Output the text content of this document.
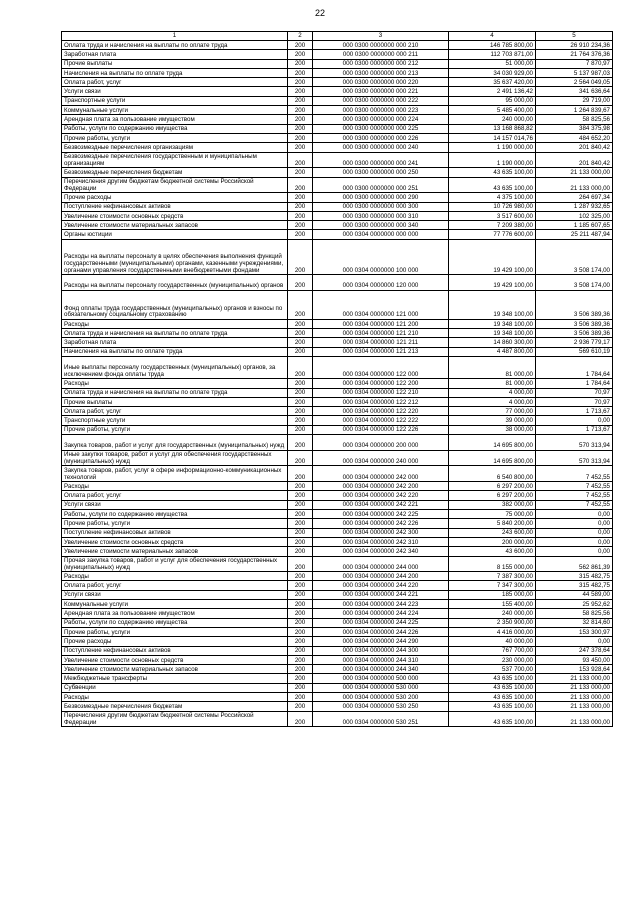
22
1	2	3	4	5
Оплата труда и начисления на выплаты по оплате труда	200	000 0300 0000000 000 210	146 785 800,00	26 910 234,36
Заработная плата	200	000 0300 0000000 000 211	112 703 871,00	21 764 376,36
Прочие выплаты	200	000 0300 0000000 000 212	51 000,00	7 870,97
Начисления на выплаты по оплате труда	200	000 0300 0000000 000 213	34 030 929,00	5 137 987,03
Оплата работ, услуг	200	000 0300 0000000 000 220	35 637 420,00	2 564 049,05
Услуги связи	200	000 0300 0000000 000 221	2 491 136,42	341 636,64
Транспортные услуги	200	000 0300 0000000 000 222	95 000,00	29 719,00
Коммунальные услуги	200	000 0300 0000000 000 223	5 485 400,00	1 264 839,67
Арендная плата за пользование имуществом	200	000 0300 0000000 000 224	240 000,00	58 825,56
Работы, услуги по содержанию имущества	200	000 0300 0000000 000 225	13 168 868,82	384 375,98
Прочие работы, услуги	200	000 0300 0000000 000 226	14 157 014,76	484 652,20
Безвозмездные перечисления организациям	200	000 0300 0000000 000 240	1 190 000,00	201 840,42
Безвозмездные перечисления государственным и муниципальным организациям	200	000 0300 0000000 000 241	1 190 000,00	201 840,42
Безвозмездные перечисления бюджетам	200	000 0300 0000000 000 250	43 635 100,00	21 133 000,00
Перечисления другим бюджетам бюджетной системы Российской Федерации	200	000 0300 0000000 000 251	43 635 100,00	21 133 000,00
Прочие расходы	200	000 0300 0000000 000 290	4 375 100,00	264 697,34
Поступление нефинансовых активов	200	000 0300 0000000 000 300	10 726 980,00	1 287 932,65
Увеличение стоимости основных средств	200	000 0300 0000000 000 310	3 517 600,00	102 325,00
Увеличение стоимости материальных запасов	200	000 0300 0000000 000 340	7 209 380,00	1 185 607,65
Органы юстиции	200	000 0304 0000000 000 000	77 776 600,00	25 211 487,94
Расходы на выплаты персоналу в целях обеспечения выполнения функций государственными (муниципальными) органами, казенными учреждениями, органами управления государственными внебюджетными фондами	200	000 0304 0000000 100 000	19 429 100,00	3 508 174,00
Расходы на выплаты персоналу государственных (муниципальных) органов	200	000 0304 0000000 120 000	19 429 100,00	3 508 174,00
Фонд оплаты труда государственных (муниципальных) органов и взносы по обязательному социальному страхованию	200	000 0304 0000000 121 000	19 348 100,00	3 506 389,36
Расходы	200	000 0304 0000000 121 200	19 348 100,00	3 506 389,36
Оплата труда и начисления на выплаты по оплате труда	200	000 0304 0000000 121 210	19 348 100,00	3 506 389,36
Заработная плата	200	000 0304 0000000 121 211	14 860 300,00	2 936 779,17
Начисления на выплаты по оплате труда	200	000 0304 0000000 121 213	4 487 800,00	569 610,19
Иные выплаты персоналу государственных (муниципальных) органов, за исключением фонда оплаты труда	200	000 0304 0000000 122 000	81 000,00	1 784,64
Расходы	200	000 0304 0000000 122 200	81 000,00	1 784,64
Оплата труда и начисления на выплаты по оплате труда	200	000 0304 0000000 122 210	4 000,00	70,97
Прочие выплаты	200	000 0304 0000000 122 212	4 000,00	70,97
Оплата работ, услуг	200	000 0304 0000000 122 220	77 000,00	1 713,67
Транспортные услуги	200	000 0304 0000000 122 222	39 000,00	0,00
Прочие работы, услуги	200	000 0304 0000000 122 226	38 000,00	1 713,67
Закупка товаров, работ и услуг для государственных (муниципальных) нужд	200	000 0304 0000000 200 000	14 695 800,00	570 313,94
Иные закупки товаров, работ и услуг для обеспечения государственных (муниципальных) нужд	200	000 0304 0000000 240 000	14 695 800,00	570 313,94
Закупка товаров, работ, услуг в сфере информационно-коммуникационных технологий	200	000 0304 0000000 242 000	6 540 800,00	7 452,55
Расходы	200	000 0304 0000000 242 200	6 297 200,00	7 452,55
Оплата работ, услуг	200	000 0304 0000000 242 220	6 297 200,00	7 452,55
Услуги связи	200	000 0304 0000000 242 221	382 000,00	7 452,55
Работы, услуги по содержанию имущества	200	000 0304 0000000 242 225	75 000,00	0,00
Прочие работы, услуги	200	000 0304 0000000 242 226	5 840 200,00	0,00
Поступление нефинансовых активов	200	000 0304 0000000 242 300	243 600,00	0,00
Увеличение стоимости основных средств	200	000 0304 0000000 242 310	200 000,00	0,00
Увеличение стоимости материальных запасов	200	000 0304 0000000 242 340	43 600,00	0,00
Прочая закупка товаров, работ и услуг для обеспечения государственных (муниципальных) нужд	200	000 0304 0000000 244 000	8 155 000,00	562 861,39
Расходы	200	000 0304 0000000 244 200	7 387 300,00	315 482,75
Оплата работ, услуг	200	000 0304 0000000 244 220	7 347 300,00	315 482,75
Услуги связи	200	000 0304 0000000 244 221	185 000,00	44 589,00
Коммунальные услуги	200	000 0304 0000000 244 223	155 400,00	25 952,62
Арендная плата за пользование имуществом	200	000 0304 0000000 244 224	240 000,00	58 825,56
Работы, услуги по содержанию имущества	200	000 0304 0000000 244 225	2 350 900,00	32 814,60
Прочие работы, услуги	200	000 0304 0000000 244 226	4 416 000,00	153 300,97
Прочие расходы	200	000 0304 0000000 244 290	40 000,00	0,00
Поступление нефинансовых активов	200	000 0304 0000000 244 300	767 700,00	247 378,64
Увеличение стоимости основных средств	200	000 0304 0000000 244 310	230 000,00	93 450,00
Увеличение стоимости материальных запасов	200	000 0304 0000000 244 340	537 700,00	153 928,64
Межбюджетные трансферты	200	000 0304 0000000 500 000	43 635 100,00	21 133 000,00
Субвенции	200	000 0304 0000000 530 000	43 635 100,00	21 133 000,00
Расходы	200	000 0304 0000000 530 200	43 635 100,00	21 133 000,00
Безвозмездные перечисления бюджетам	200	000 0304 0000000 530 250	43 635 100,00	21 133 000,00
Перечисления другим бюджетам бюджетной системы Российской Федерации	200	000 0304 0000000 530 251	43 635 100,00	21 133 000,00
